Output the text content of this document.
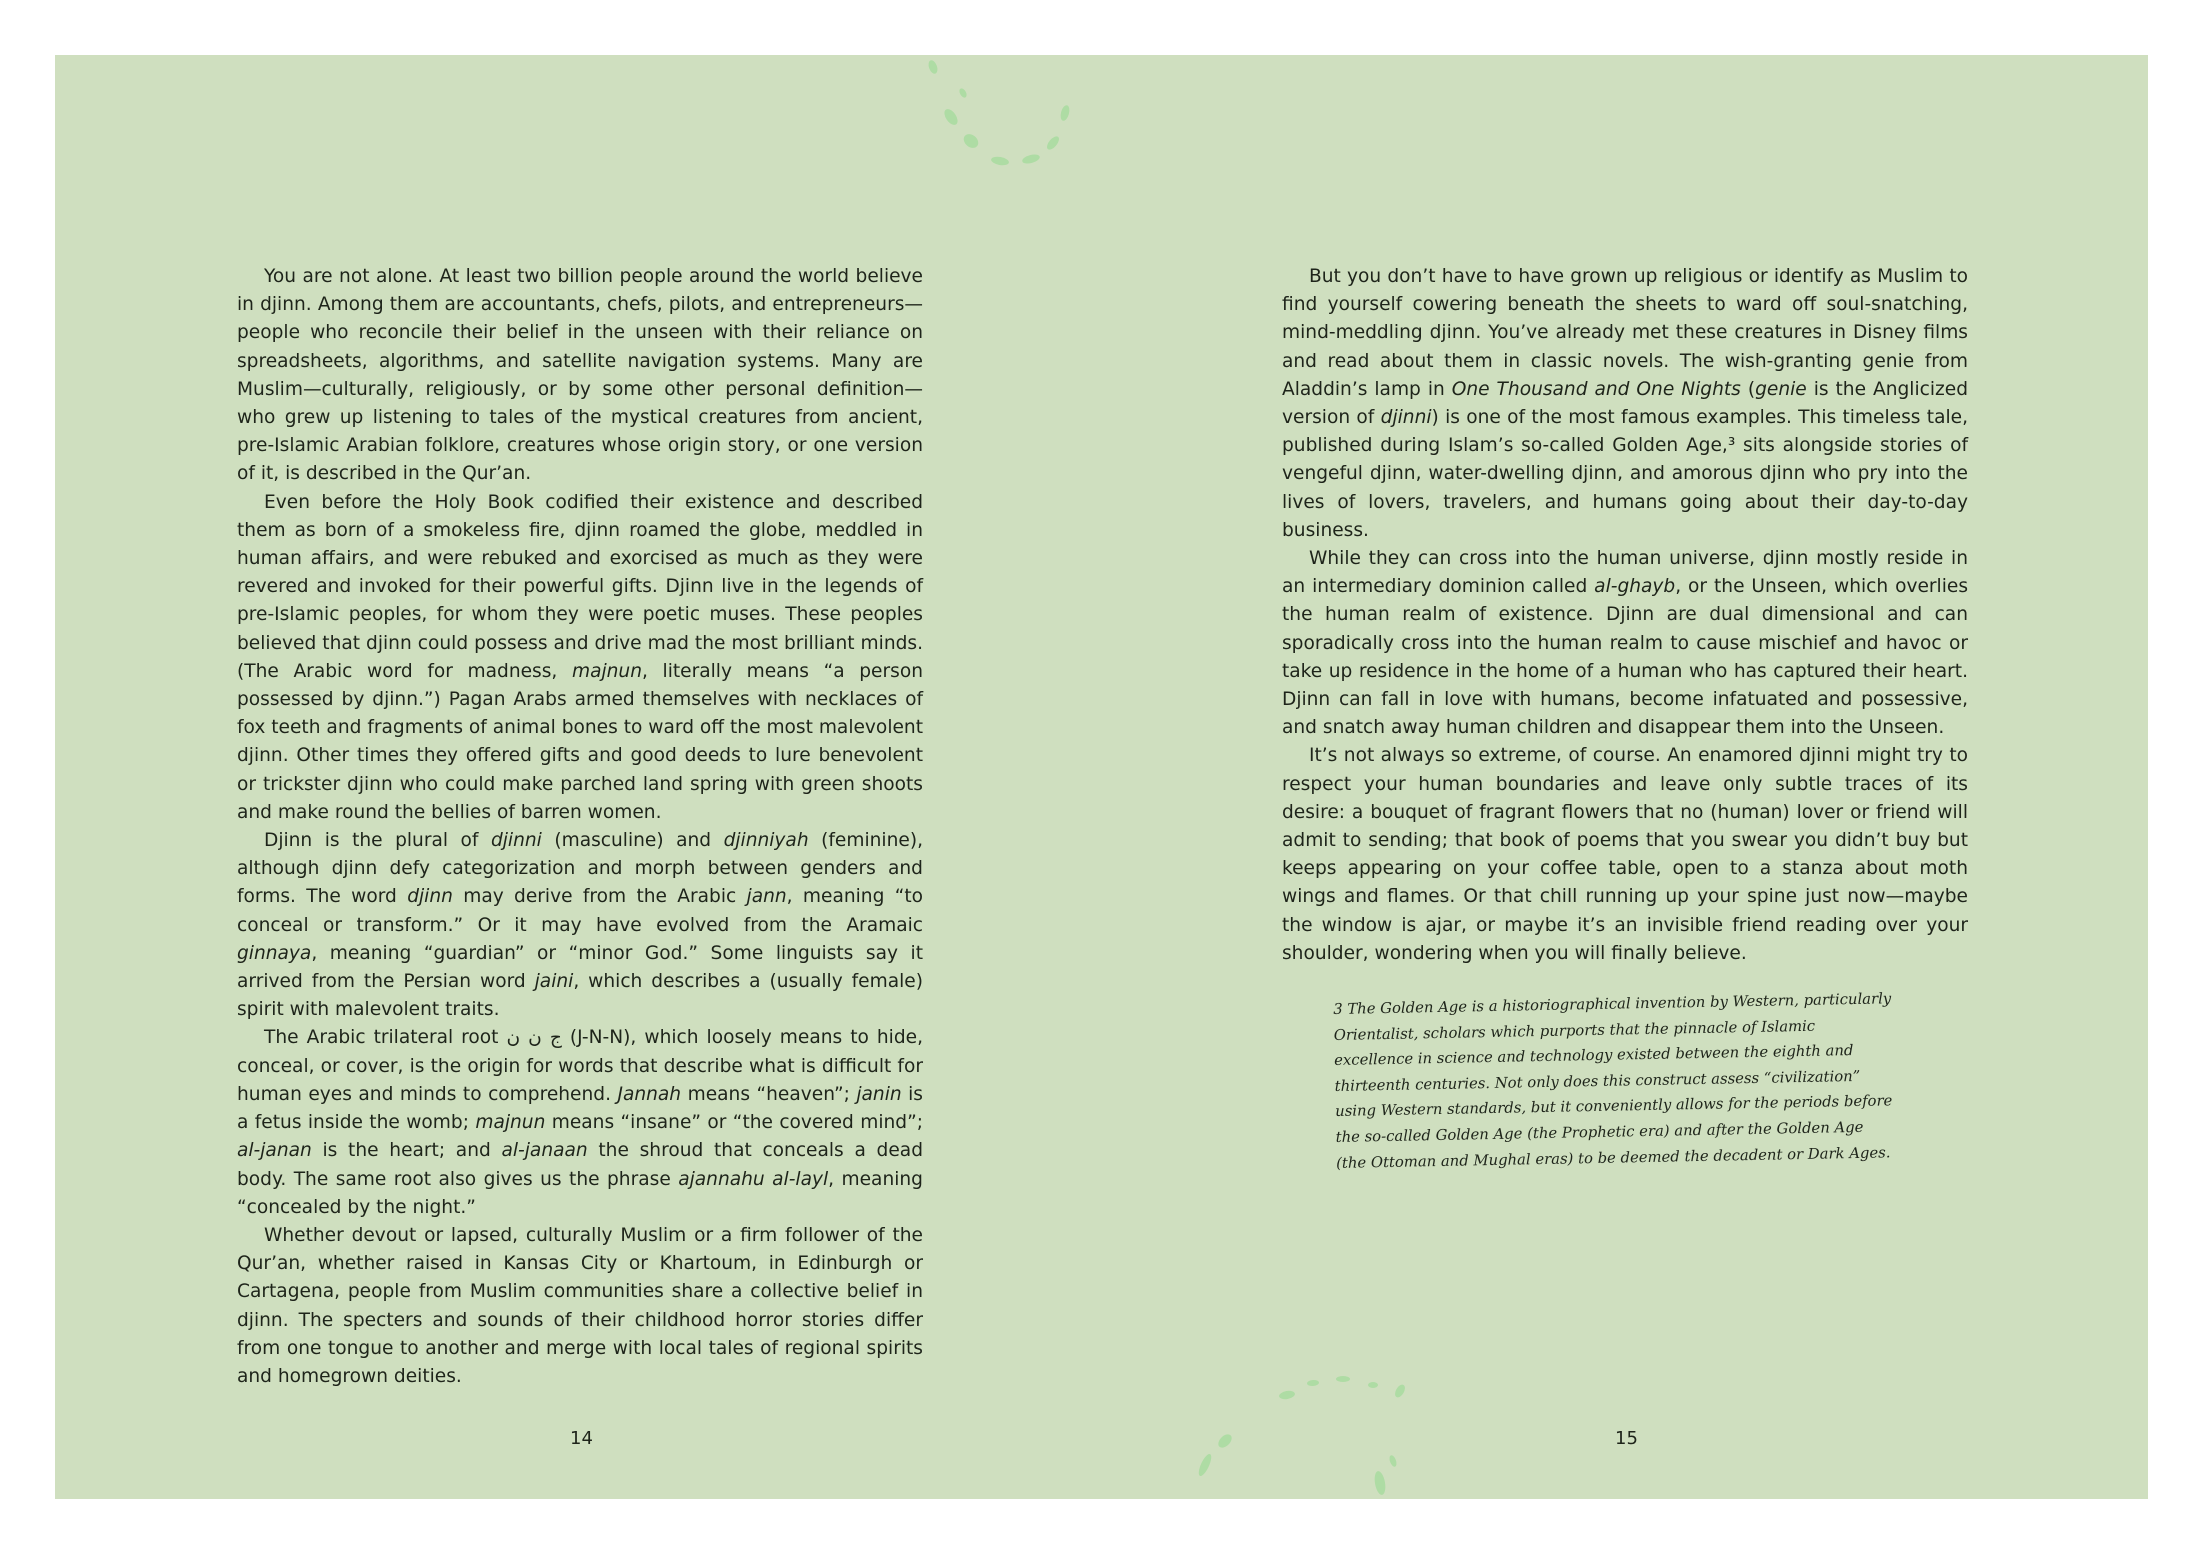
You are not alone. At least two billion people around the world believe in djinn. Among them are accountants, chefs, pilots, and entrepreneurs—people who reconcile their belief in the unseen with their reliance on spreadsheets, algorithms, and satellite navigation systems. Many are Muslim—culturally, religiously, or by some other personal definition—who grew up listening to tales of the mystical creatures from ancient, pre-Islamic Arabian folklore, creatures whose origin story, or one version of it, is described in the Qur’an.

Even before the Holy Book codified their existence and described them as born of a smokeless fire, djinn roamed the globe, meddled in human affairs, and were rebuked and exorcised as much as they were revered and invoked for their powerful gifts. Djinn live in the legends of pre-Islamic peoples, for whom they were poetic muses. These peoples believed that djinn could possess and drive mad the most brilliant minds. (The Arabic word for madness, majnun, literally means “a person possessed by djinn.”) Pagan Arabs armed themselves with necklaces of fox teeth and fragments of animal bones to ward off the most malevolent djinn. Other times they offered gifts and good deeds to lure benevolent or trickster djinn who could make parched land spring with green shoots and make round the bellies of barren women.

Djinn is the plural of djinni (masculine) and djinniyah (feminine), although djinn defy categorization and morph between genders and forms. The word djinn may derive from the Arabic jann, meaning “to conceal or transform.” Or it may have evolved from the Aramaic ginnaya, meaning “guardian” or “minor God.” Some linguists say it arrived from the Persian word jaini, which describes a (usually female) spirit with malevolent traits.

The Arabic trilateral root ج ن ن (J-N-N), which loosely means to hide, conceal, or cover, is the origin for words that describe what is difficult for human eyes and minds to comprehend. Jannah means “heaven”; janin is a fetus inside the womb; majnun means “insane” or “the covered mind”; al-janan is the heart; and al-janaan the shroud that conceals a dead body. The same root also gives us the phrase ajannahu al-layl, meaning “concealed by the night.”

Whether devout or lapsed, culturally Muslim or a firm follower of the Qur’an, whether raised in Kansas City or Khartoum, in Edinburgh or Cartagena, people from Muslim communities share a collective belief in djinn. The specters and sounds of their childhood horror stories differ from one tongue to another and merge with local tales of regional spirits and homegrown deities.

14

But you don’t have to have grown up religious or identify as Muslim to find yourself cowering beneath the sheets to ward off soul-snatching, mind-meddling djinn. You’ve already met these creatures in Disney films and read about them in classic novels. The wish-granting genie from Aladdin’s lamp in One Thousand and One Nights (genie is the Anglicized version of djinni) is one of the most famous examples. This timeless tale, published during Islam’s so-called Golden Age,³ sits alongside stories of vengeful djinn, water-dwelling djinn, and amorous djinn who pry into the lives of lovers, travelers, and humans going about their day-to-day business.

While they can cross into the human universe, djinn mostly reside in an intermediary dominion called al-ghayb, or the Unseen, which overlies the human realm of existence. Djinn are dual dimensional and can sporadically cross into the human realm to cause mischief and havoc or take up residence in the home of a human who has captured their heart. Djinn can fall in love with humans, become infatuated and possessive, and snatch away human children and disappear them into the Unseen.

It’s not always so extreme, of course. An enamored djinni might try to respect your human boundaries and leave only subtle traces of its desire: a bouquet of fragrant flowers that no (human) lover or friend will admit to sending; that book of poems that you swear you didn’t buy but keeps appearing on your coffee table, open to a stanza about moth wings and flames. Or that chill running up your spine just now—maybe the window is ajar, or maybe it’s an invisible friend reading over your shoulder, wondering when you will finally believe.

3 The Golden Age is a historiographical invention by Western, particularly Orientalist, scholars which purports that the pinnacle of Islamic excellence in science and technology existed between the eighth and thirteenth centuries. Not only does this construct assess “civilization” using Western standards, but it conveniently allows for the periods before the so-called Golden Age (the Prophetic era) and after the Golden Age (the Ottoman and Mughal eras) to be deemed the decadent or Dark Ages.
15
